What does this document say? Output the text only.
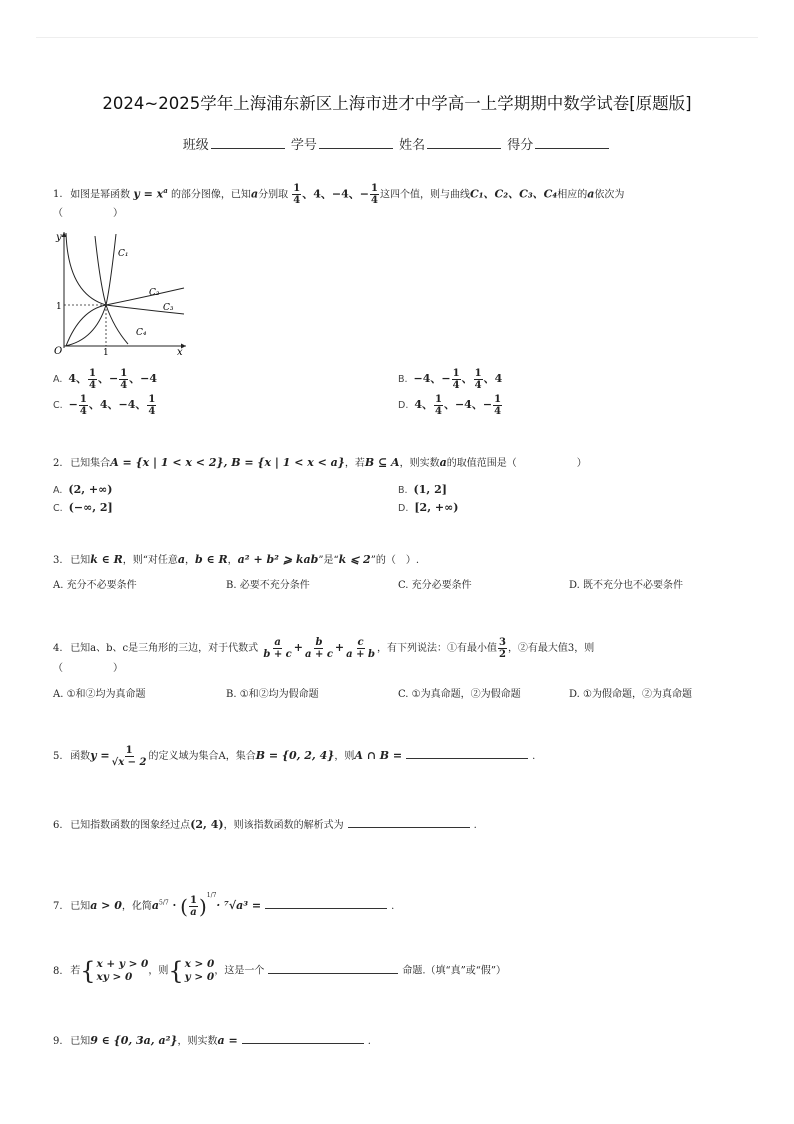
2024~2025学年上海浦东新区上海市进才中学高一上学期期中数学试卷[原题版]
班级	学号	姓名	得分
1. 如图是幂函数 $y = x^a$ 的部分图像，已知a分别取 $\frac{1}{4}$ 、4、−4、− $\frac{1}{4}$ 这四个值，则与曲线C₁、C₂、C₃、C₄相应的a依次为
（　　　　　）
y
x
O
1
1
C₁
C₂
C₃
C₄
A. 4、 $\frac{1}{4}$ 、− $\frac{1}{4}$ 、−4	B. −4、− $\frac{1}{4}$ 、 $\frac{1}{4}$ 、4
C. − $\frac{1}{4}$ 、4、−4、 $\frac{1}{4}$	D. 4、 $\frac{1}{4}$ 、−4、− $\frac{1}{4}$
2. 已知集合A = {x | 1 < x < 2}, B = {x | 1 < x < a}，若B ⊆ A，则实数a的取值范围是（　　　　　　）
A. (2, +∞)	B. (1, 2]
C. (−∞, 2]	D. [2, +∞)
3. 已知k ∈ R，则“对任意a，b ∈ R，a² + b² ⩾ kab”是“k ⩽ 2”的（　）.
A. 充分不必要条件	B. 必要不充分条件	C. 充分必要条件	D. 既不充分也不必要条件
4. 已知a、b、c是三角形的三边，对于代数式 $\frac{a}{b + c} + \frac{b}{a + c} + \frac{c}{a + b}$ ，有下列说法：①有最小值 $\frac{3}{2}$ ，②有最大值3，则
（　　　　　）
A. ①和②均为真命题	B. ①和②均为假命题	C. ①为真命题，②为假命题	D. ①为假命题，②为真命题
5. 函数$y = \frac{1}{√x - 2}$ 的定义域为集合A，集合B = {0, 2, 4}，则A ∩ B =	.
6. 已知指数函数的图象经过点(2, 4)，则该指数函数的解析式为	.
7. 已知a > 0，化简$a^{5/7}$ · ( $\frac{1}{a} )^{1/7}\cdot ^7√a^3$ =	.
8. 若{ x + y > 0
xy > 0	，则{ x > 0
y > 0 ，这是一个	命题.（填“真”或“假”）
9. 已知9 ∈ {0, 3a, a²}，则实数a =	.
